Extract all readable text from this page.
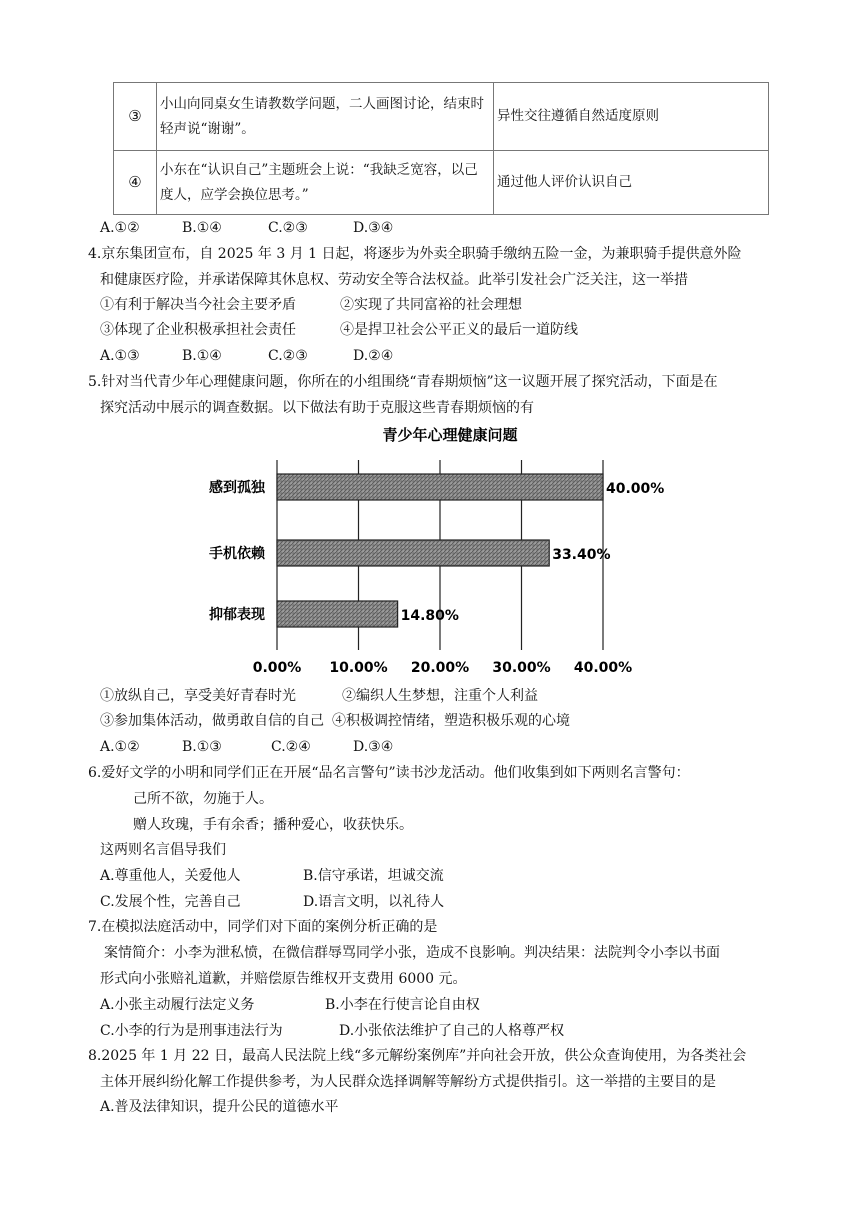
③	小山向同桌女生请教数学问题，二人画图讨论，结束时轻声说“谢谢”。	异性交往遵循自然适度原则
④	小东在“认识自己”主题班会上说：“我缺乏宽容，以己度人，应学会换位思考。”	通过他人评价认识自己
A.①②	B.①④	C.②③	D.③④
4.京东集团宣布，自 2025 年 3 月 1 日起，将逐步为外卖全职骑手缴纳五险一金，为兼职骑手提供意外险
和健康医疗险，并承诺保障其休息权、劳动安全等合法权益。此举引发社会广泛关注，这一举措
①有利于解决当今社会主要矛盾	②实现了共同富裕的社会理想
③体现了企业积极承担社会责任	④是捍卫社会公平正义的最后一道防线
A.①③	B.①④	C.②③	D.②④
5.针对当代青少年心理健康问题，你所在的小组围绕“青春期烦恼”这一议题开展了探究活动，下面是在
探究活动中展示的调查数据。以下做法有助于克服这些青春期烦恼的有
青少年心理健康问题
感到孤独
手机依赖
抑郁表现
40.00%
33.40%
14.80%
0.00% 10.00% 20.00% 30.00% 40.00%
①放纵自己，享受美好青春时光	②编织人生梦想，注重个人利益
③参加集体活动，做勇敢自信的自己 ④积极调控情绪，塑造积极乐观的心境
A.①②	B.①③	C.②④	D.③④
6.爱好文学的小明和同学们正在开展“品名言警句”读书沙龙活动。他们收集到如下两则名言警句：
己所不欲，勿施于人。
赠人玫瑰，手有余香；播种爱心，收获快乐。
这两则名言倡导我们
A.尊重他人，关爱他人	B.信守承诺，坦诚交流
C.发展个性，完善自己	D.语言文明，以礼待人
7.在模拟法庭活动中，同学们对下面的案例分析正确的是
案情简介：小李为泄私愤，在微信群辱骂同学小张，造成不良影响。判决结果：法院判令小李以书面
形式向小张赔礼道歉，并赔偿原告维权开支费用 6000 元。
A.小张主动履行法定义务	B.小李在行使言论自由权
C.小李的行为是刑事违法行为	D.小张依法维护了自己的人格尊严权
8.2025 年 1 月 22 日，最高人民法院上线“多元解纷案例库”并向社会开放，供公众查询使用，为各类社会
主体开展纠纷化解工作提供参考，为人民群众选择调解等解纷方式提供指引。这一举措的主要目的是
A.普及法律知识，提升公民的道德水平
